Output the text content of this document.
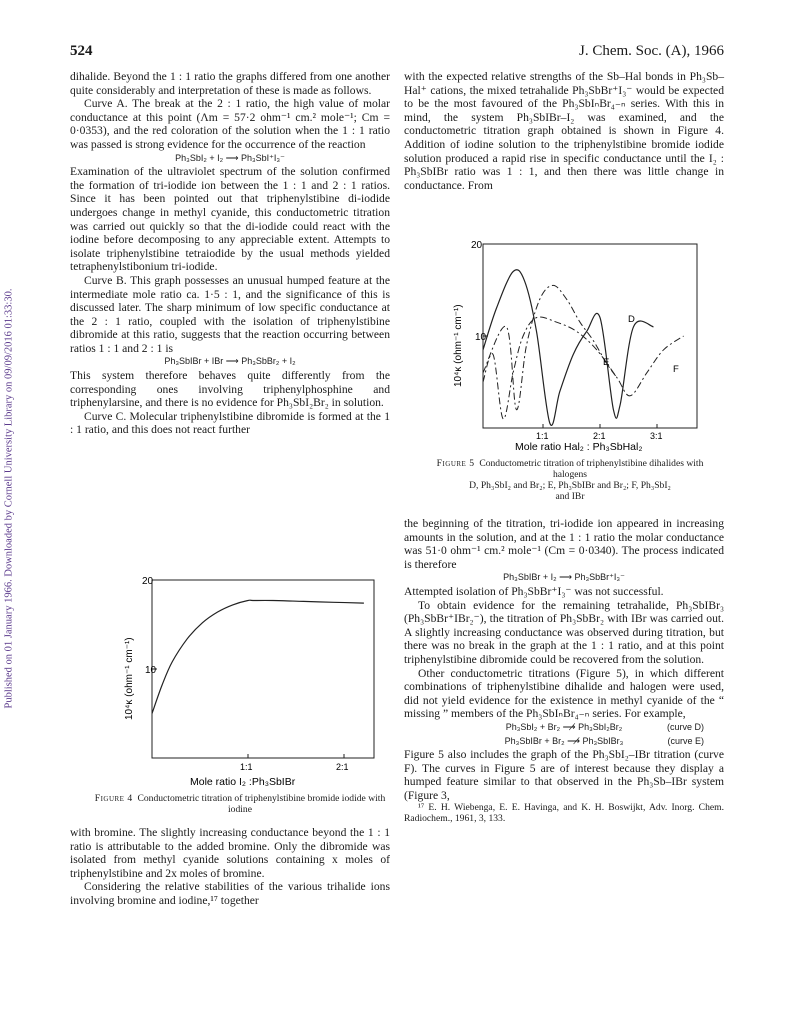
Published on 01 January 1966. Downloaded by Cornell University Library on 09/09/2016 01:33:30.
524	J. Chem. Soc. (A), 1966

dihalide. Beyond the 1 : 1 ratio the graphs differed from one another quite considerably and interpretation of these is made as follows.

Curve A. The break at the 2 : 1 ratio, the high value of molar conductance at this point (Λm = 57·2 ohm⁻¹ cm.² mole⁻¹; Cm = 0·0353), and the red coloration of the solution when the 1 : 1 ratio was passed is strong evidence for the occurrence of the reaction

Ph₃SbI₂ + I₂ ⟶ Ph₃SbI⁺I₃⁻

Examination of the ultraviolet spectrum of the solution confirmed the formation of tri-iodide ion between the 1 : 1 and 2 : 1 ratios. Since it has been pointed out that triphenylstibine di-iodide undergoes change in methyl cyanide, this conductometric titration was carried out quickly so that the di-iodide could react with the iodine before decomposing to any appreciable extent. Attempts to isolate triphenylstibine tetraiodide by the usual methods yielded tetraphenylstibonium tri-iodide.

Curve B. This graph possesses an unusual humped feature at the intermediate mole ratio ca. 1·5 : 1, and the significance of this is discussed later. The sharp minimum of low specific conductance at the 2 : 1 ratio, coupled with the isolation of triphenylstibine dibromide at this ratio, suggests that the reaction occurring between ratios 1 : 1 and 2 : 1 is

Ph₃SbIBr + IBr ⟶ Ph₃SbBr₂ + I₂

This system therefore behaves quite differently from the corresponding ones involving triphenylphosphine and triphenylarsine, and there is no evidence for Ph₃SbI₂Br₂ in solution.

Curve C. Molecular triphenylstibine dibromide is formed at the 1 : 1 ratio, and this does not react further

20
10
1:1	2:1
10⁴κ (ohm⁻¹ cm⁻¹)
Mole ratio I₂ :Ph₃SbIBr
Figure 4 Conductometric titration of triphenylstibine bromide iodide with iodine

with bromine. The slightly increasing conductance beyond the 1 : 1 ratio is attributable to the added bromine. Only the dibromide was isolated from methyl cyanide solutions containing x moles of triphenylstibine and 2x moles of bromine.

Considering the relative stabilities of the various trihalide ions involving bromine and iodine,¹⁷ together

with the expected relative strengths of the Sb–Hal bonds in Ph₃Sb–Hal⁺ cations, the mixed tetrahalide Ph₃SbBr⁺I₃⁻ would be expected to be the most favoured of the Ph₃SbIₙBr₄₋ₙ series. With this in mind, the system Ph₃SbIBr–I₂ was examined, and the conductometric titration graph obtained is shown in Figure 4. Addition of iodine solution to the triphenylstibine bromide iodide solution produced a rapid rise in specific conductance until the I₂ : Ph₃SbIBr ratio was 1 : 1, and then there was little change in conductance. From

20
10
1:1	2:1	3:1
10⁴κ (ohm⁻¹ cm⁻¹)
Mole ratio Hal₂ : Ph₃SbHal₂
D
E
F
Figure 5 Conductometric titration of triphenylstibine dihalides with halogens
D, Ph₃SbI₂ and Br₂; E, Ph₃SbIBr and Br₂; F, Ph₃SbI₂
and IBr

the beginning of the titration, tri-iodide ion appeared in increasing amounts in the solution, and at the 1 : 1 ratio the molar conductance was 51·0 ohm⁻¹ cm.² mole⁻¹ (Cm = 0·0340). The process indicated is therefore

Ph₃SbIBr + I₂ ⟶ Ph₃SbBr⁺I₃⁻

Attempted isolation of Ph₃SbBr⁺I₃⁻ was not successful.

To obtain evidence for the remaining tetrahalide, Ph₃SbIBr₃ (Ph₃SbBr⁺IBr₂⁻), the titration of Ph₃SbBr₂ with IBr was carried out. A slightly increasing conductance was observed during titration, but there was no break in the graph at the 1 : 1 ratio, and at this point triphenylstibine dibromide could be recovered from the solution.

Other conductometric titrations (Figure 5), in which different combinations of triphenylstibine dihalide and halogen were used, did not yield evidence for the existence in methyl cyanide of the “ missing ” members of the Ph₃SbIₙBr₄₋ₙ series. For example,

Ph₃SbI₂ + Br₂ ⟶̸ Ph₃SbI₂Br₂	(curve D)

Ph₃SbIBr + Br₂ ⟶̸ Ph₃SbIBr₃	(curve E)

Figure 5 also includes the graph of the Ph₃SbI₂–IBr titration (curve F). The curves in Figure 5 are of interest because they display a humped feature similar to that observed in the Ph₃Sb–IBr system (Figure 3,

¹⁷ E. H. Wiebenga, E. E. Havinga, and K. H. Boswijkt, Adv. Inorg. Chem. Radiochem., 1961, 3, 133.
